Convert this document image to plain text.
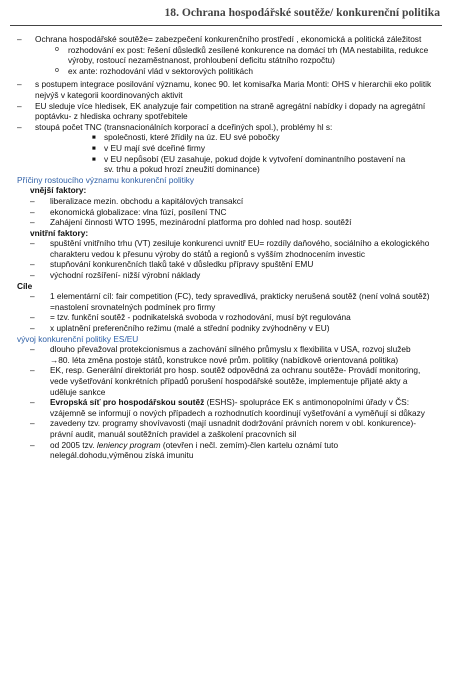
18. Ochrana hospodářské soutěže/ konkurenční politika
– Ochrana hospodářské soutěže= zabezpečení konkurenčního prostředí , ekonomická a politická záležitost
o rozhodování ex post: řešení důsledků zesílené konkurence na domácí trh (MA nestabilita, redukce výroby, rostoucí nezaměstnanost, prohloubení deficitu státního rozpočtu)
o ex ante: rozhodování vlád v sektorových politikách
– s postupem integrace posilování významu, konec 90. let komisařka Maria Monti: OHS v hierarchii eko politik nejvýš v kategorii koordinovaných aktivit
– EU sleduje více hledisek, EK analyzuje fair competition na straně agregátní nabídky i dopady na agregátní poptávku- z hlediska ochrany spotřebitele
– stoupá počet TNC (transnacionálních korporací a dceřiných spol.), problémy hl s:
■ společnosti, které žřídily na úz. EU své pobočky
■ v EU mají své dceřiné firmy
■ v EU nepůsobí (EU zasahuje, pokud dojde k vytvoření dominantního postavení na sv. trhu a pokud hrozí zneužití dominance)
Příčiny rostoucího významu konkurenční politiky
vnější faktory:
– liberalizace mezin. obchodu a kapitálových transakcí
– ekonomická globalizace: vlna fúzí, posílení TNC
– Zahájení činnosti WTO 1995, mezinárodní platforma pro dohled nad hosp. soutěží
vnitřní faktory:
– spuštění vnitřního trhu (VT) zesiluje konkurenci uvnitř EU= rozdíly daňového, sociálního a ekologického charakteru vedou k přesunu výroby do států a regionů s vyšším zhodnocením investic
– stupňování konkurenčních tlaků také v důsledku přípravy spuštění EMU
– východní rozšíření- nižší výrobní náklady
Cíle
– 1 elementární cíl: fair competition (FC), tedy spravedlivá, prakticky nerušená soutěž (není volná soutěž) =nastolení srovnatelných podmínek pro firmy
– = tzv. funkční soutěž - podnikatelská svoboda v rozhodování, musí být regulována
– x uplatnění preferenčního režimu (malé a střední podniky zvýhodněny v EU)
vývoj konkurenční politiky ES/EU
– dlouho převažoval protekcionismus a zachování silného průmyslu x flexibilita v USA, rozvoj služeb →80. léta změna postoje států, konstrukce nové prům. politiky (nabídkově orientovaná politika)
– EK, resp. Generální direktoriát pro hosp. soutěž odpovědná za ochranu soutěže- Provádí monitoring, vede vyšetřování konkrétních případů porušení hospodářské soutěže, implementuje přijaté akty a uděluje sankce
– Evropská síť pro hospodářskou soutěž (ESHS)- spolupráce EK s antimonopolními úřady v ČS: vzájemně se informují o nových případech a rozhodnutích koordinují vyšetřování a vyměňují si důkazy
– zavedeny tzv. programy shovívavosti (mají usnadnit dodržování právních norem v obl. konkurence)- právní audit, manuál soutěžních pravidel a zaškolení pracovních sil
– od 2005 tzv. leniency program (otevřen i nečl. zemím)-člen kartelu oznámí tuto nelegál.dohodu,výměnou získá imunitu
